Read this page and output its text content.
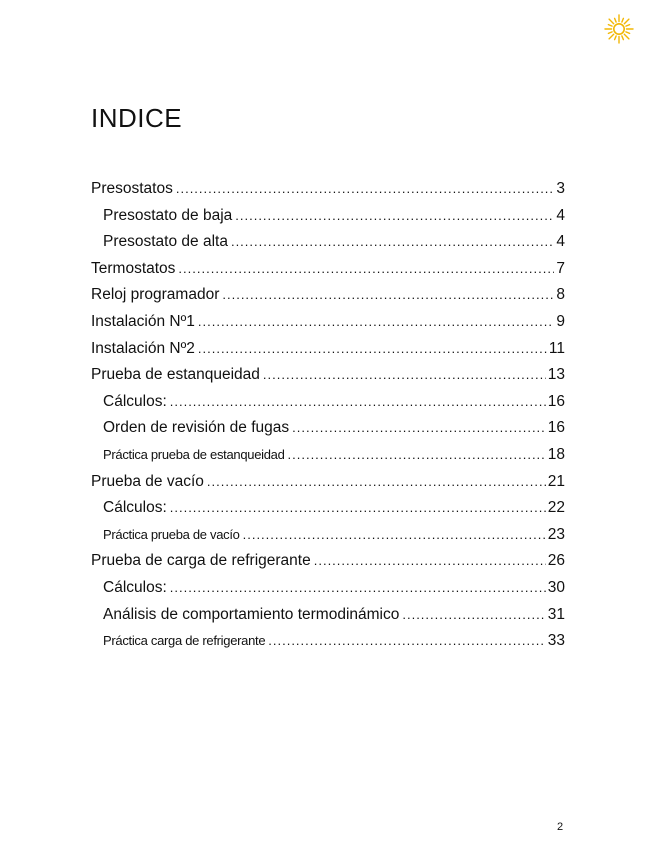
INDICE
Presostatos .....	3
Presostato de baja .....	4
Presostato de alta .....	4
Termostatos .....	7
Reloj programador .....	8
Instalación Nº1 .....	9
Instalación Nº2 .....	11
Prueba de estanqueidad .....	13
Cálculos: .....	16
Orden de revisión de fugas .....	16
Práctica prueba de estanqueidad .....	18
Prueba de vacío .....	21
Cálculos: .....	22
Práctica prueba de vacío .....	23
Prueba de carga de refrigerante .....	26
Cálculos: .....	30
Análisis de comportamiento termodinámico .....	31
Práctica carga de refrigerante .....	33
2
